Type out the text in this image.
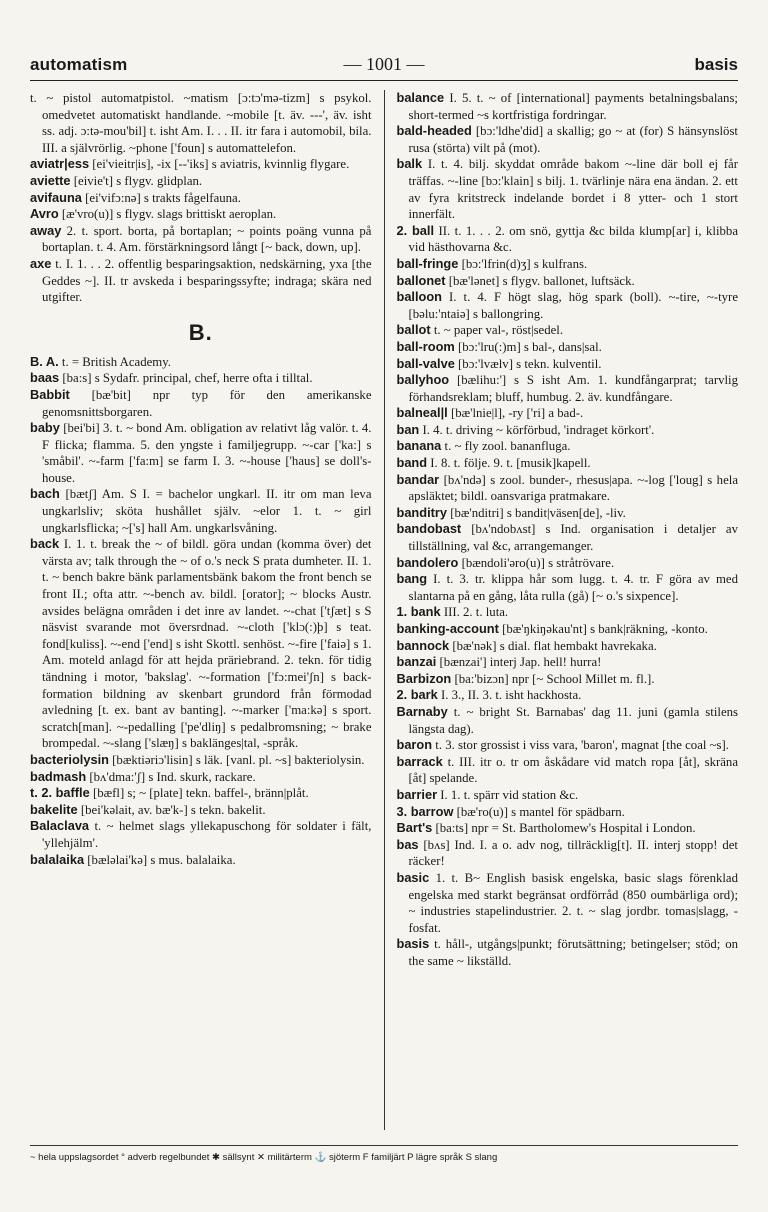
automatism	— 1001 —	basis

t. ~ pistol automatpistol. ~matism [ɔ:tɔ'mə-tizm] s psykol. omedvetet automatiskt handlande. ~mobile [t. äv. ---', äv. isht ss. adj. ɔ:tə-mou'bil] t. isht Am. I. . . II. itr fara i automobil, bila. III. a självrörlig. ~phone ['foun] s automattelefon.

aviatr|ess [ei'vieitr|is], -ix [--'iks] s aviatris, kvinnlig flygare.

aviette [eivie't] s flygv. glidplan.

avifauna [ei'vifɔ:nə] s trakts fågelfauna.

Avro [æ'vro(u)] s flygv. slags brittiskt aeroplan.

away 2. t. sport. borta, på bortaplan; ~ points poäng vunna på bortaplan. t. 4. Am. förstärkningsord långt [~ back, down, up].

axe t. I. 1. . . 2. offentlig besparingsaktion, nedskärning, yxa [the Geddes ~]. II. tr avskeda i besparingssyfte; indraga; skära ned utgifter.

B.

B. A. t. = British Academy.

baas [ba:s] s Sydafr. principal, chef, herre ofta i tilltal.

Babbit [bæ'bit] npr typ för den amerikanske genomsnittsborgaren.

baby [bei'bi] 3. t. ~ bond Am. obligation av relativt låg valör. t. 4. F flicka; flamma. 5. den yngste i familjegrupp. ~-car ['ka:] s 'småbil'. ~-farm ['fa:m] se farm I. 3. ~-house ['haus] se doll's-house.

bach [bætʃ] Am. S I. = bachelor ungkarl. II. itr om man leva ungkarlsliv; sköta hushållet själv. ~elor 1. t. ~ girl ungkarlsflicka; ~['s] hall Am. ungkarlsvåning.

back I. 1. t. break the ~ of bildl. göra undan (komma över) det värsta av; talk through the ~ of o.'s neck S prata dumheter. II. 1. t. ~ bench bakre bänk parlamentsbänk bakom the front bench se front II.; ofta attr. ~-bench av. bildl. [orator]; ~ blocks Austr. avsides belägna områden i det inre av landet. ~-chat ['tʃæt] s S näsvist svarande mot översrdnad. ~-cloth ['klɔ(:)þ] s teat. fond[kuliss]. ~-end ['end] s isht Skottl. senhöst. ~-fire ['faiə] s 1. Am. moteld anlagd för att hejda präriebrand. 2. tekn. för tidig tändning i motor, 'bakslag'. ~-formation ['fɔ:mei'ʃn] s back-formation bildning av skenbart grundord från förmodad avledning [t. ex. bant av banting]. ~-marker ['ma:kə] s sport. scratch[man]. ~-pedalling ['pe'dliŋ] s pedalbromsning; ~ brake brompedal. ~-slang ['slæŋ] s baklänges|tal, -språk.

bacteriolysin [bæktiəriɔ'lisin] s läk. [vanl. pl. ~s] bakteriolysin.

badmash [bʌ'dma:'ʃ] s Ind. skurk, rackare.

t. 2. baffle [bæfl] s; ~ [plate] tekn. baffel-, bränn|plåt.

bakelite [bei'kəlait, av. bæ'k-] s tekn. bakelit.

Balaclava t. ~ helmet slags yllekapuschong för soldater i fält, 'yllehjälm'.

balalaika [bæləlai'kə] s mus. balalaika.

balance I. 5. t. ~ of [international] payments betalningsbalans; short-termed ~s kortfristiga fordringar.

bald-headed [bɔ:'ldhe'did] a skallig; go ~ at (for) S hänsynslöst rusa (störta) vilt på (mot).

balk I. t. 4. bilj. skyddat område bakom ~-line där boll ej får träffas. ~-line [bɔ:'klain] s bilj. 1. tvärlinje nära ena ändan. 2. ett av fyra kritstreck indelande bordet i 8 ytter- och 1 stort innerfält.

2. ball II. t. 1. . . 2. om snö, gyttja &c bilda klump[ar] i, klibba vid hästhovarna &c.

ball-fringe [bɔ:'lfrin(d)ʒ] s kulfrans.

ballonet [bæ'lənet] s flygv. ballonet, luftsäck.

balloon I. t. 4. F högt slag, hög spark (boll). ~-tire, ~-tyre [bəlu:'ntaiə] s ballongring.

ballot t. ~ paper val-, röst|sedel.

ball-room [bɔ:'lru(:)m] s bal-, dans|sal.

ball-valve [bɔ:'lvælv] s tekn. kulventil.

ballyhoo [bælihu:'] s S isht Am. 1. kundfångarprat; tarvlig förhandsreklam; bluff, humbug. 2. äv. kundfångare.

balneal|l [bæ'lnie|l], -ry ['ri] a bad-.

ban I. 4. t. driving ~ körförbud, 'indraget körkort'.

banana t. ~ fly zool. bananfluga.

band I. 8. t. följe. 9. t. [musik]kapell.

bandar [bʌ'ndə] s zool. bunder-, rhesus|apa. ~-log ['loug] s hela apsläktet; bildl. oansvariga pratmakare.

banditry [bæ'nditri] s bandit|väsen[de], -liv.

bandobast [bʌ'ndobʌst] s Ind. organisation i detaljer av tillställning, val &c, arrangemanger.

bandolero [bændoli'ərо(u)] s stråtrövare.

bang I. t. 3. tr. klippa hår som lugg. t. 4. tr. F göra av med slantarna på en gång, låta rulla (gå) [~ o.'s sixpence].

1. bank III. 2. t. luta.

banking-account [bæ'ŋkiŋəkau'nt] s bank|räkning, -konto.

bannock [bæ'nək] s dial. flat hembakt havrekaka.

banzai [bænzai'] interj Jap. hell! hurra!

Barbizon [ba:'bizɔn] npr [~ School Millet m. fl.].

2. bark I. 3., II. 3. t. isht hackhosta.

Barnaby t. ~ bright St. Barnabas' dag 11. juni (gamla stilens längsta dag).

baron t. 3. stor grossist i viss vara, 'baron', magnat [the coal ~s].

barrack t. III. itr o. tr om åskådare vid match ropa [åt], skräna [åt] spelande.

barrier I. 1. t. spärr vid station &c.

3. barrow [bæ'ro(u)] s mantel för spädbarn.

Bart's [ba:ts] npr = St. Bartholomew's Hospital i London.

bas [bʌs] Ind. I. a o. adv nog, tillräcklig[t]. II. interj stopp! det räcker!

basic 1. t. B~ English basisk engelska, basic slags förenklad engelska med starkt begränsat ordförråd (850 oumbärliga ord); ~ industries stapelindustrier. 2. t. ~ slag jordbr. tomas|slagg, -fosfat.

basis t. håll-, utgångs|punkt; förutsättning; betingelser; stöd; on the same ~ likställd.

~ hela uppslagsordet ° adverb regelbundet ✱ sällsynt ✕ militärterm ⚓ sjöterm F familjärt P lägre språk S slang
